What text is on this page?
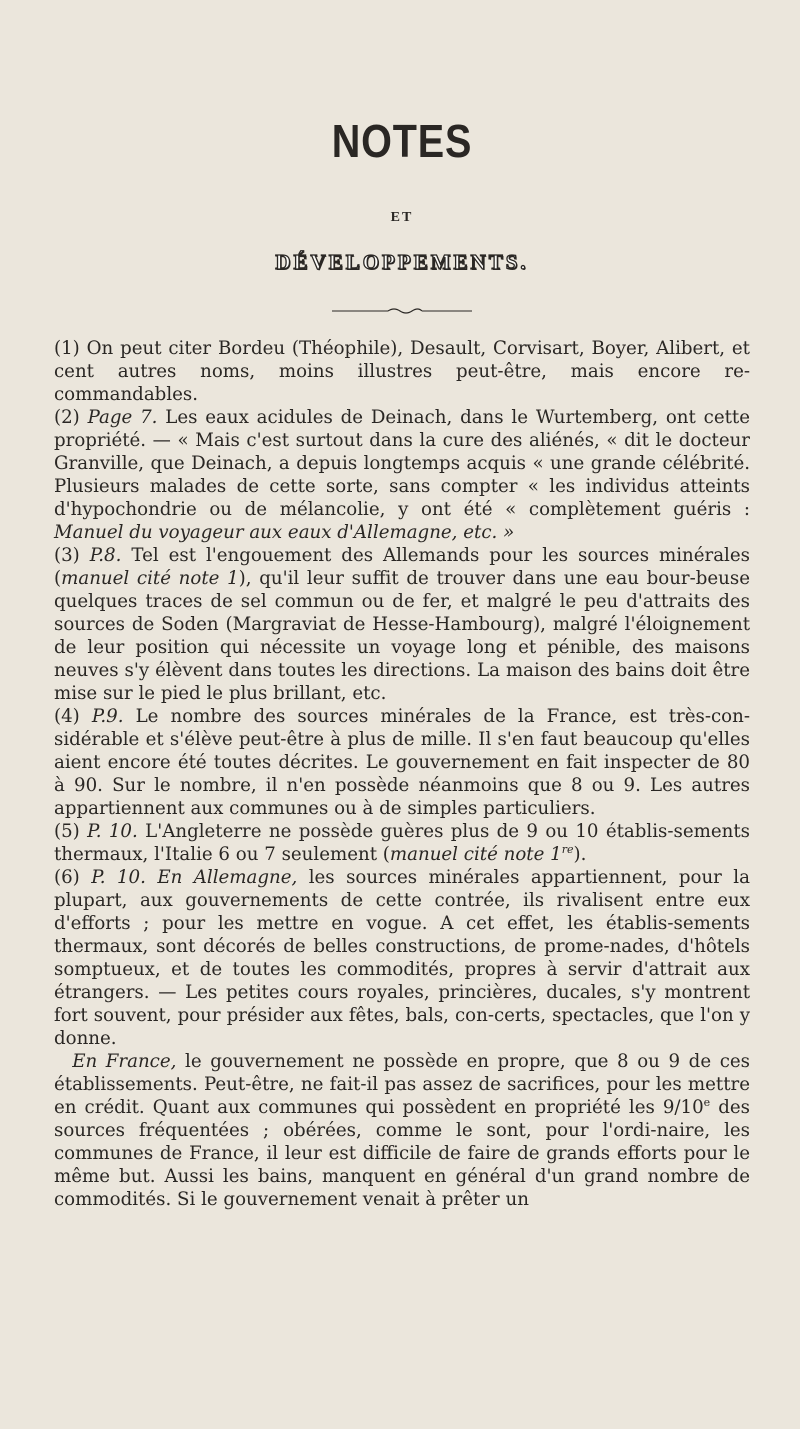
NOTES
ET
DÉVELOPPEMENTS.

(1) On peut citer Bordeu (Théophile), Desault, Corvisart, Boyer, Alibert, et cent autres noms, moins illustres peut-être, mais encore re-commandables.

(2) Page 7. Les eaux acidules de Deinach, dans le Wurtemberg, ont cette propriété. — « Mais c'est surtout dans la cure des aliénés, « dit le docteur Granville, que Deinach, a depuis longtemps acquis « une grande célébrité. Plusieurs malades de cette sorte, sans compter « les individus atteints d'hypochondrie ou de mélancolie, y ont été « complètement guéris : Manuel du voyageur aux eaux d'Allemagne, etc. »

(3) P.8. Tel est l'engouement des Allemands pour les sources minérales (manuel cité note 1), qu'il leur suffit de trouver dans une eau bour-beuse quelques traces de sel commun ou de fer, et malgré le peu d'attraits des sources de Soden (Margraviat de Hesse-Hambourg), malgré l'éloignement de leur position qui nécessite un voyage long et pénible, des maisons neuves s'y élèvent dans toutes les directions. La maison des bains doit être mise sur le pied le plus brillant, etc.

(4) P.9. Le nombre des sources minérales de la France, est très-con-sidérable et s'élève peut-être à plus de mille. Il s'en faut beaucoup qu'elles aient encore été toutes décrites. Le gouvernement en fait inspecter de 80 à 90. Sur le nombre, il n'en possède néanmoins que 8 ou 9. Les autres appartiennent aux communes ou à de simples particuliers.

(5) P. 10. L'Angleterre ne possède guères plus de 9 ou 10 établis-sements thermaux, l'Italie 6 ou 7 seulement (manuel cité note 1re).

(6) P. 10. En Allemagne, les sources minérales appartiennent, pour la plupart, aux gouvernements de cette contrée, ils rivalisent entre eux d'efforts ; pour les mettre en vogue. A cet effet, les établis-sements thermaux, sont décorés de belles constructions, de prome-nades, d'hôtels somptueux, et de toutes les commodités, propres à servir d'attrait aux étrangers. — Les petites cours royales, princières, ducales, s'y montrent fort souvent, pour présider aux fêtes, bals, con-certs, spectacles, que l'on y donne.
 En France, le gouvernement ne possède en propre, que 8 ou 9 de ces établissements. Peut-être, ne fait-il pas assez de sacrifices, pour les mettre en crédit. Quant aux communes qui possèdent en propriété les 9/10e des sources fréquentées ; obérées, comme le sont, pour l'ordi-naire, les communes de France, il leur est difficile de faire de grands efforts pour le même but. Aussi les bains, manquent en général d'un grand nombre de commodités. Si le gouvernement venait à prêter un
